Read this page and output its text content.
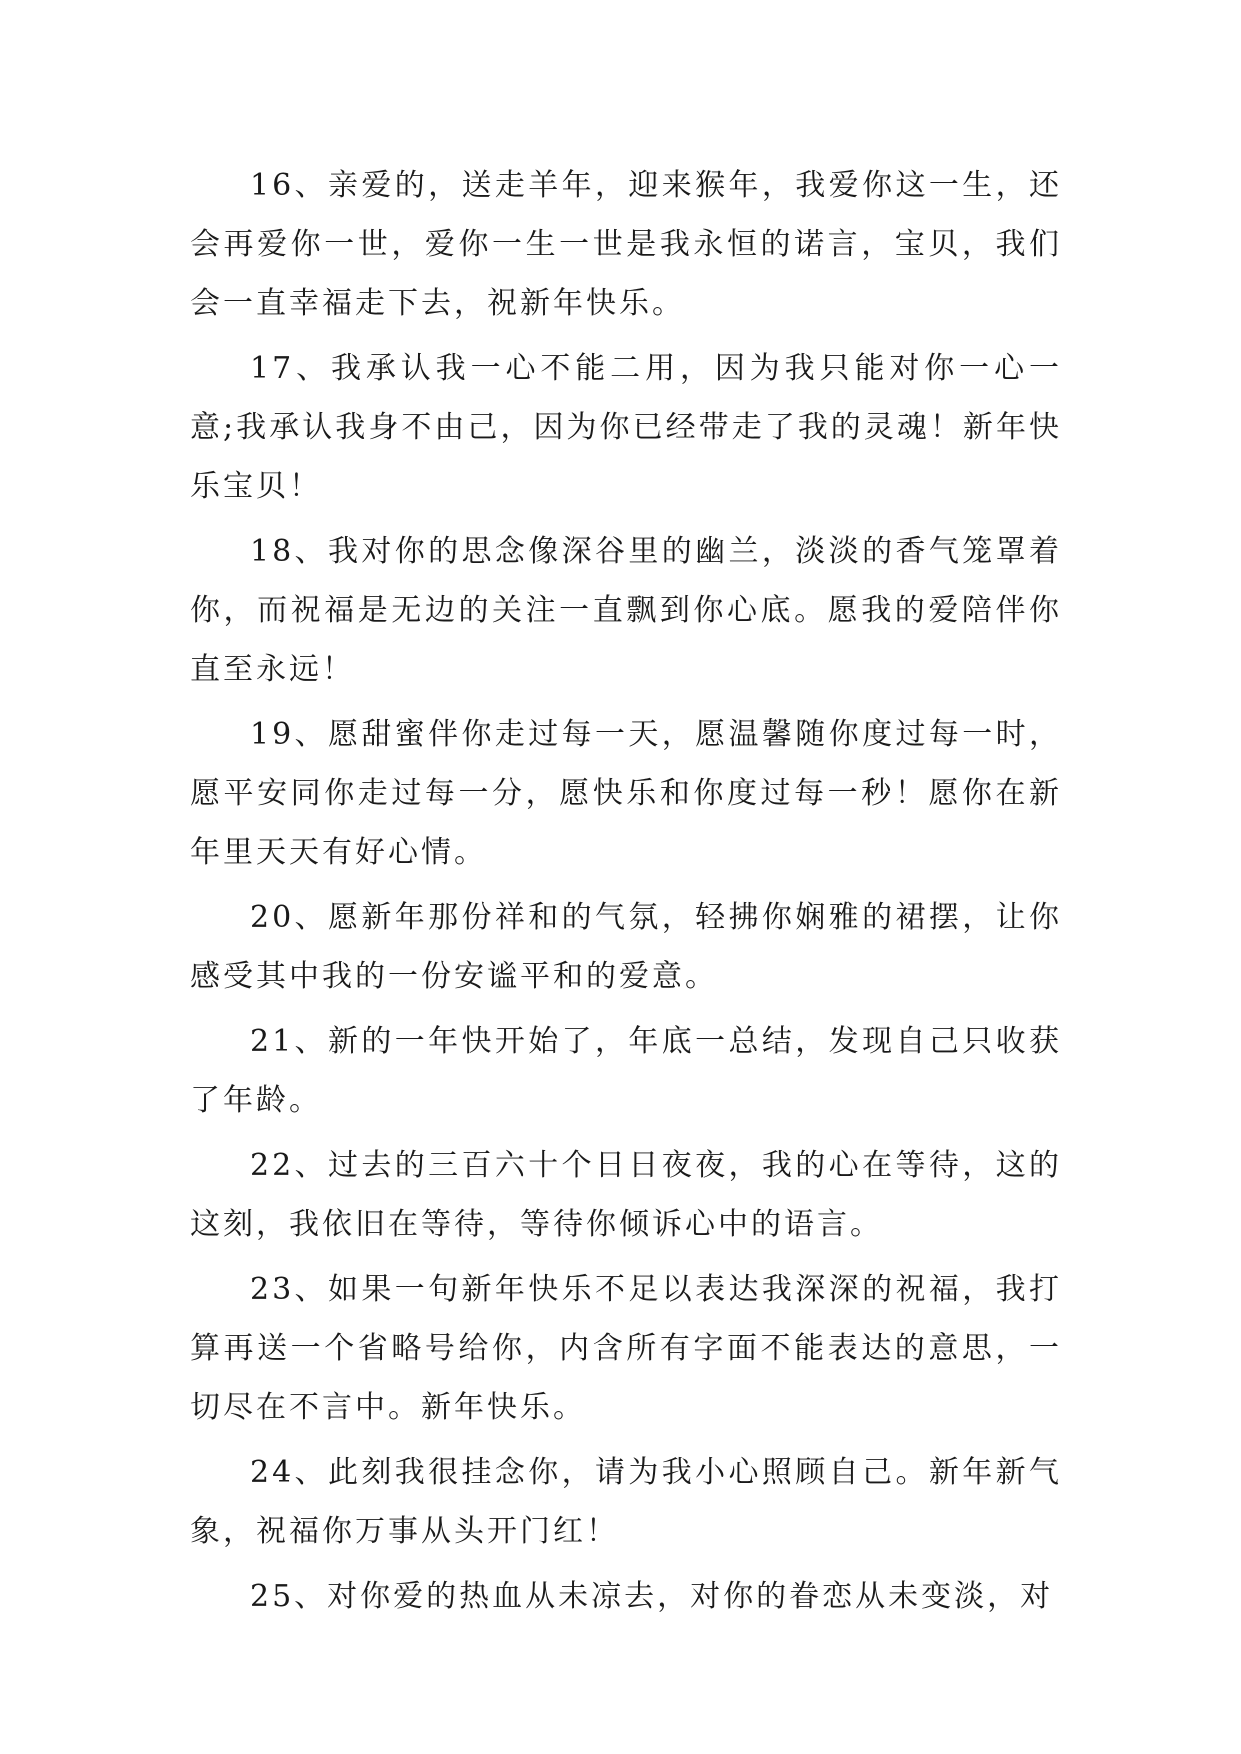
16、亲爱的，送走羊年，迎来猴年，我爱你这一生，还会再爱你一世，爱你一生一世是我永恒的诺言，宝贝，我们会一直幸福走下去，祝新年快乐。

17、我承认我一心不能二用，因为我只能对你一心一意;我承认我身不由己，因为你已经带走了我的灵魂！新年快乐宝贝！

18、我对你的思念像深谷里的幽兰，淡淡的香气笼罩着你，而祝福是无边的关注一直飘到你心底。愿我的爱陪伴你直至永远！

19、愿甜蜜伴你走过每一天，愿温馨随你度过每一时，愿平安同你走过每一分，愿快乐和你度过每一秒！愿你在新年里天天有好心情。

20、愿新年那份祥和的气氛，轻拂你娴雅的裙摆，让你感受其中我的一份安谧平和的爱意。

21、新的一年快开始了，年底一总结，发现自己只收获了年龄。

22、过去的三百六十个日日夜夜，我的心在等待，这的这刻，我依旧在等待，等待你倾诉心中的语言。

23、如果一句新年快乐不足以表达我深深的祝福，我打算再送一个省略号给你，内含所有字面不能表达的意思，一切尽在不言中。新年快乐。

24、此刻我很挂念你，请为我小心照顾自己。新年新气象，祝福你万事从头开门红！

25、对你爱的热血从未凉去，对你的眷恋从未变淡，对
